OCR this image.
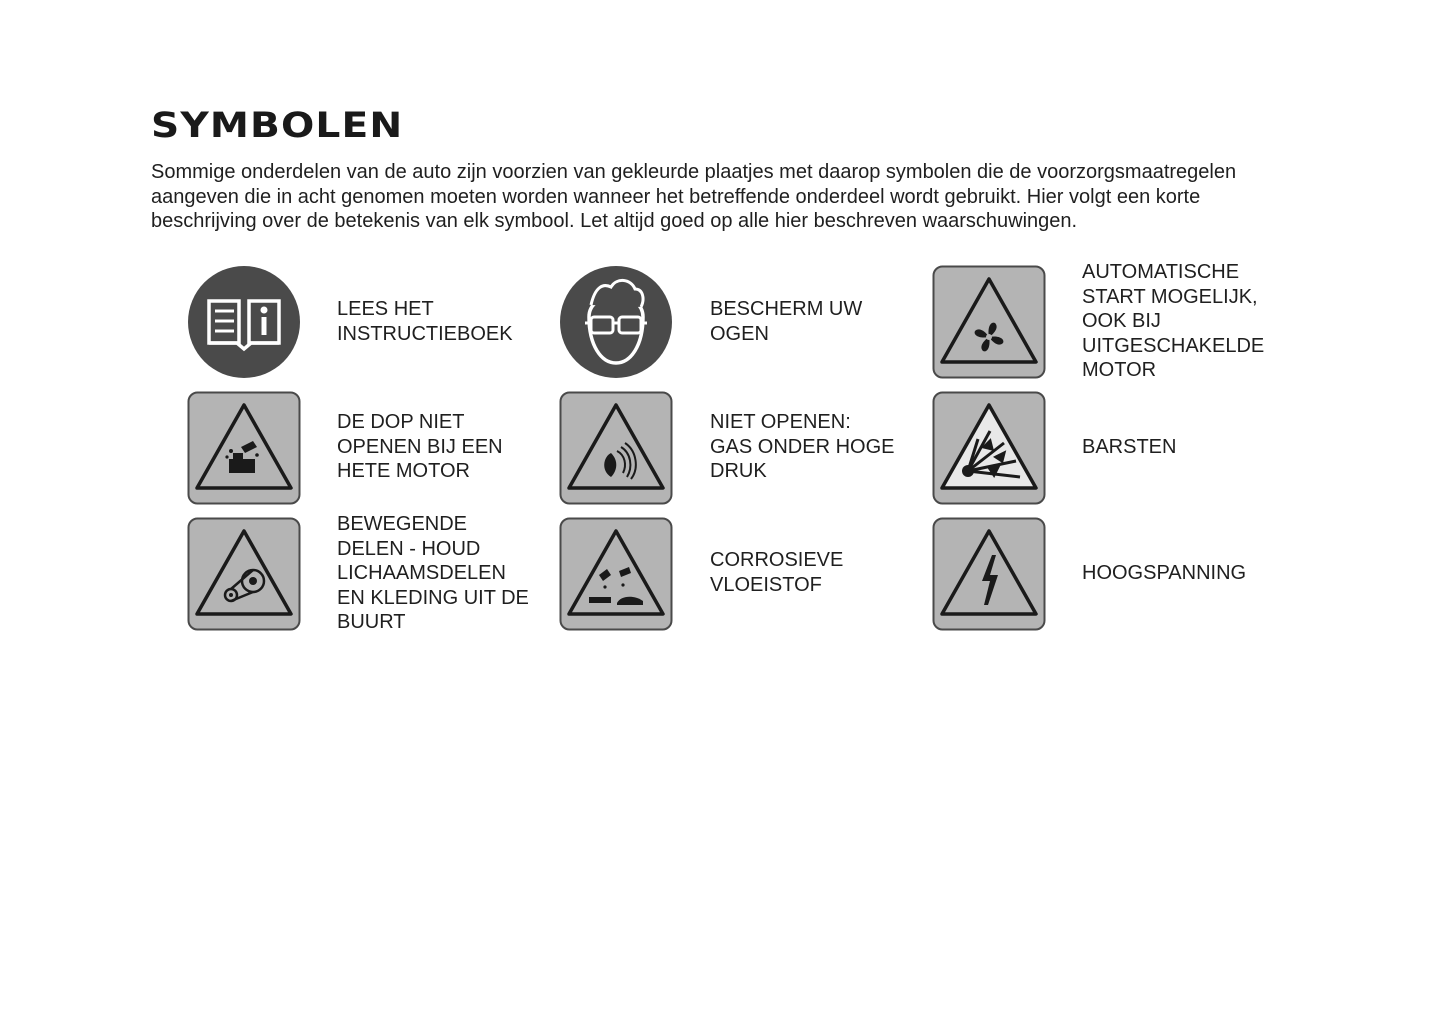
SYMBOLEN

Sommige onderdelen van de auto zijn voorzien van gekleurde plaatjes met daarop symbolen die de voorzorgsmaatregelen aangeven die in acht genomen moeten worden wanneer het betreffende onderdeel wordt gebruikt. Hier volgt een korte beschrijving over de betekenis van elk symbool. Let altijd goed op alle hier beschreven waarschuwingen.

LEES HET
INSTRUCTIEBOEK
BESCHERM UW
OGEN
AUTOMATISCHE
START MOGELIJK,
OOK BIJ
UITGESCHAKELDE
MOTOR
DE DOP NIET
OPENEN BIJ EEN
HETE MOTOR
NIET OPENEN:
GAS ONDER HOGE
DRUK
BARSTEN
BEWEGENDE
DELEN - HOUD
LICHAAMSDELEN
EN KLEDING UIT DE
BUURT
CORROSIEVE
VLOEISTOF
HOOGSPANNING
